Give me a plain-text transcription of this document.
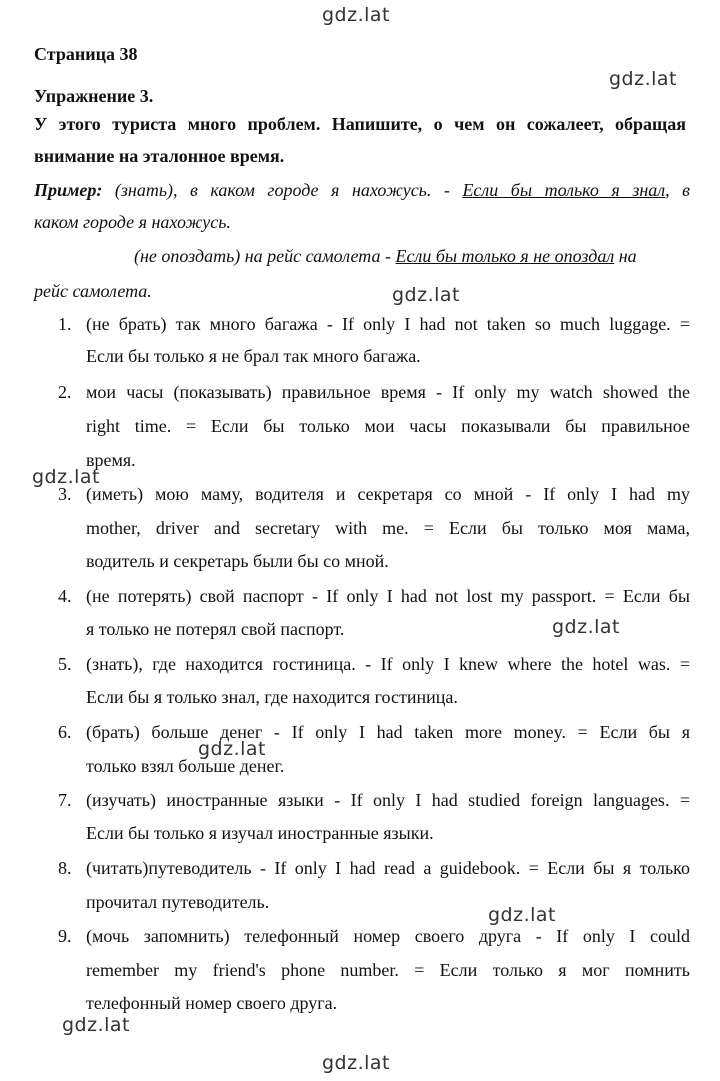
gdz.lat
gdz.lat
gdz.lat
gdz.lat
gdz.lat
gdz.lat
gdz.lat
gdz.lat
gdz.lat
Страница 38
Упражнение 3.
У этого туриста много проблем. Напишите, о чем он сожалеет, обращая
внимание на эталонное время.
Пример: (знать), в каком городе я нахожусь. - Если бы только я знал, в
каком городе я нахожусь.
(не опоздать) на рейс самолета - Если бы только я не опоздал на
рейс самолета.
1. (не брать) так много багажа - If only I had not taken so much luggage. =
Если бы только я не брал так много багажа.
2. мои часы (показывать) правильное время - If only my watch showed the
right time. = Если бы только мои часы показывали бы правильное
время.
3. (иметь) мою маму, водителя и секретаря со мной - If only I had my
mother, driver and secretary with me. = Если бы только моя мама,
водитель и секретарь были бы со мной.
4. (не потерять) свой паспорт - If only I had not lost my passport. = Если бы
я только не потерял свой паспорт.
5. (знать), где находится гостиница. - If only I knew where the hotel was. =
Если бы я только знал, где находится гостиница.
6. (брать) больше денег - If only I had taken more money. = Если бы я
только взял больше денег.
7. (изучать) иностранные языки - If only I had studied foreign languages. =
Если бы только я изучал иностранные языки.
8. (читать)путеводитель - If only I had read a guidebook. = Если бы я только
прочитал путеводитель.
9. (мочь запомнить) телефонный номер своего друга - If only I could
remember my friend's phone number. = Если только я мог помнить
телефонный номер своего друга.
